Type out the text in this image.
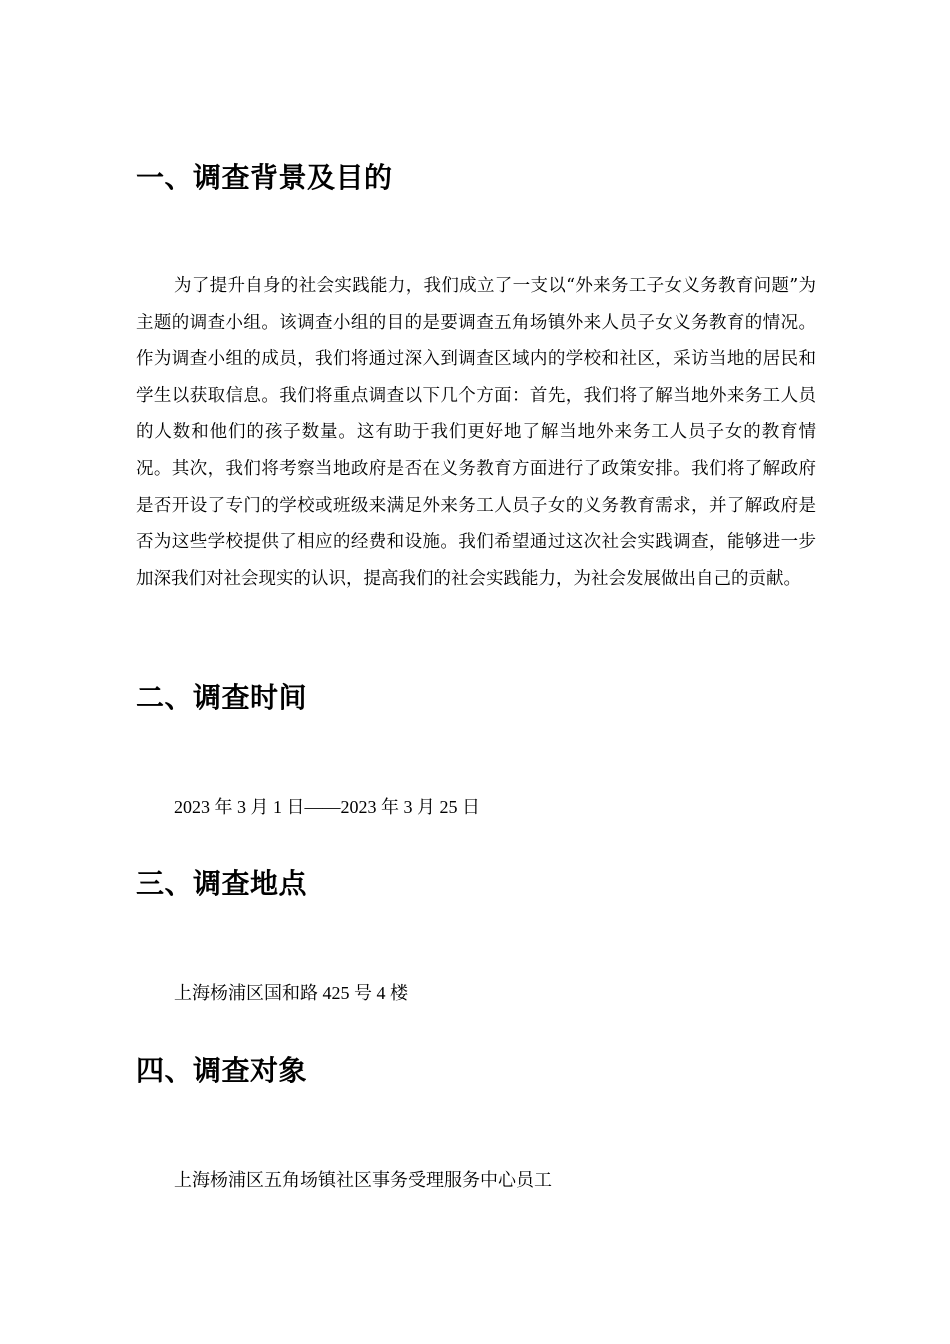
一、调查背景及目的

为了提升自身的社会实践能力，我们成立了一支以“外来务工子女义务教育问题”为主题的调查小组。该调查小组的目的是要调查五角场镇外来人员子女义务教育的情况。作为调查小组的成员，我们将通过深入到调查区域内的学校和社区，采访当地的居民和学生以获取信息。我们将重点调查以下几个方面：首先，我们将了解当地外来务工人员的人数和他们的孩子数量。这有助于我们更好地了解当地外来务工人员子女的教育情况。其次，我们将考察当地政府是否在义务教育方面进行了政策安排。我们将了解政府是否开设了专门的学校或班级来满足外来务工人员子女的义务教育需求，并了解政府是否为这些学校提供了相应的经费和设施。我们希望通过这次社会实践调查，能够进一步加深我们对社会现实的认识，提高我们的社会实践能力，为社会发展做出自己的贡献。

二、调查时间

2023 年 3 月 1 日——2023 年 3 月 25 日

三、调查地点

上海杨浦区国和路 425 号 4 楼

四、调查对象

上海杨浦区五角场镇社区事务受理服务中心员工
